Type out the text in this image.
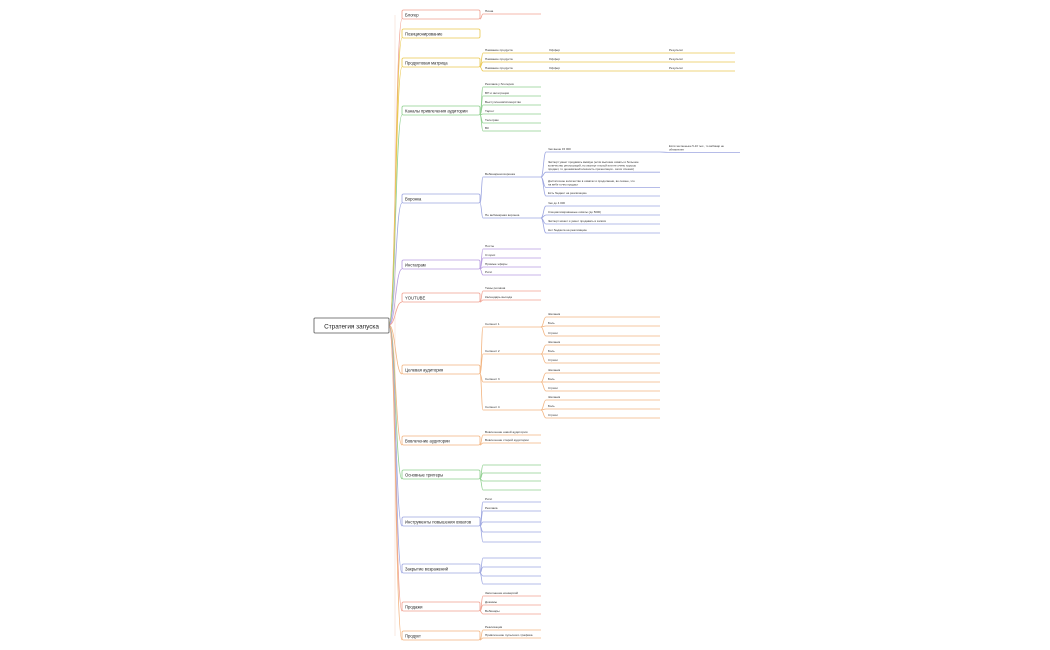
Стратегия запуска
Блогер
Ниша
Позиционирование
Продуктовая матрица
Название продукта	Оффер	Результат
Название продукта	Оффер	Результат
Название продукта	Оффер	Результат
Каналы привлечения аудитории
Реклама у блогеров
ВП и интеграции
Выступления/спикерство
Таргет
Телеграм
ВК
Воронка
Вебинарная воронка
Чек выше 15 000
Если чек меньше 5-10 тыс., то вебинар не
обязателен
Эксперт умеет продавать вживую (если высокие охваты и большое
количество регистраций, но эксперт плохой или не очень хорошо
продает, то дешевизна/полезность презентации - залог спешки)
Достаточное количество в охватах и продолжени, во сезоне, что
на вебе точно продаст
Есть бюджет на реализацию
Не вебинарная воронка
Чек до 4 000
Специализированные охваты (до 5000)
Эксперт может и умеет продавать в записи
Нет бюджета на реализацию
Инстаграм
Посты
Сторис
Прямые эфиры
Рилс
YOUTUBE
Темы роликов
Календарь выхода
Целевая аудитория
Сегмент 1
Желания
Боль
Страхи
Сегмент 2
Желания
Боль
Страхи
Сегмент 3
Желания
Боль
Страхи
Сегмент 4
Желания
Боль
Страхи
Вовлечение аудитории
Вовлечение новой аудитории
Вовлечение старой аудитории
Основные триггеры
Инструменты повышения охватов
Рилс
Реклама
Закрытие возражений
Продажи
Заполнение конверсий
Дожимы
Вебинары
Продукт
Реализация
Привлечение пульсного трафика
